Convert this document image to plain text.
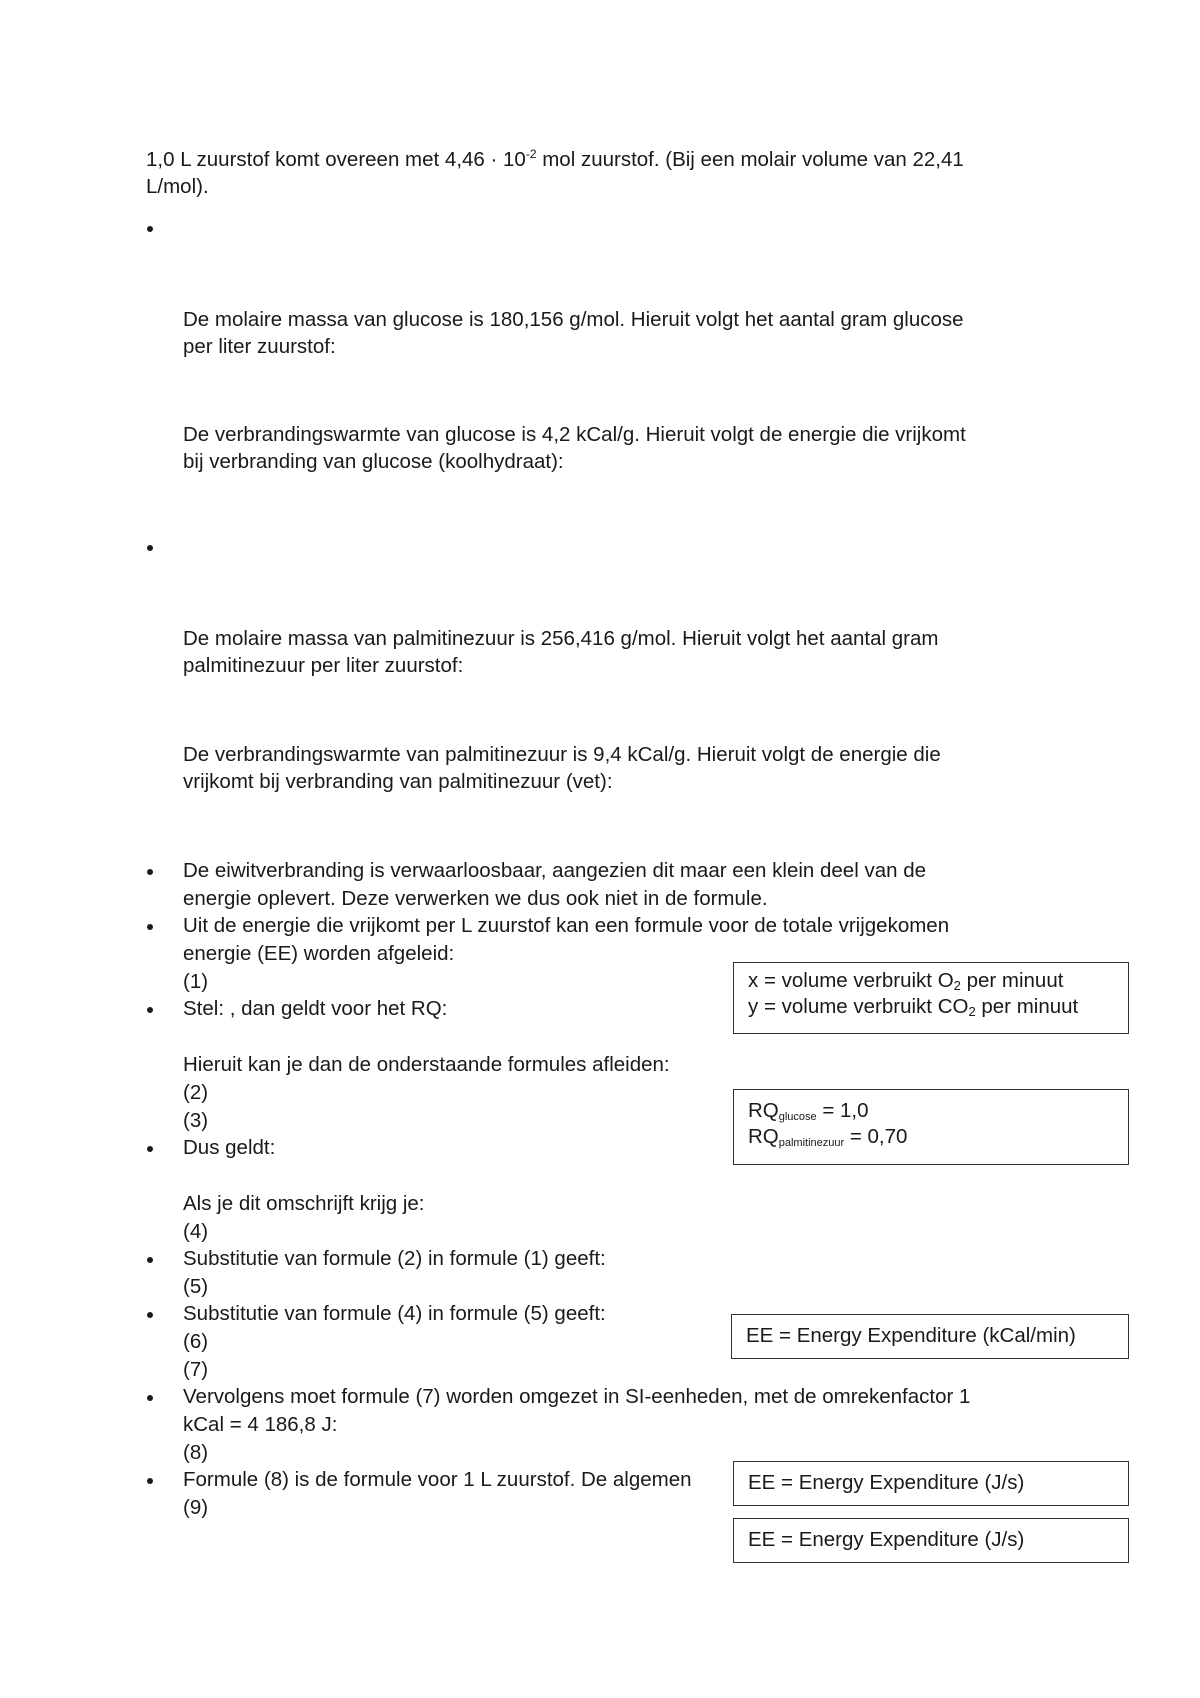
1,0 L zuurstof komt overeen met $4,46 \cdot 10^{-2}$ mol zuurstof. (Bij een molair volume van 22,41
L/mol).
De molaire massa van glucose is 180,156 g/mol. Hieruit volgt het aantal gram glucose
per liter zuurstof:
De verbrandingswarmte van glucose is 4,2 kCal/g. Hieruit volgt de energie die vrijkomt
bij verbranding van glucose (koolhydraat):
De molaire massa van palmitinezuur is 256,416 g/mol. Hieruit volgt het aantal gram
palmitinezuur per liter zuurstof:
De verbrandingswarmte van palmitinezuur is 9,4 kCal/g. Hieruit volgt de energie die
vrijkomt bij verbranding van palmitinezuur (vet):
De eiwitverbranding is verwaarloosbaar, aangezien dit maar een klein deel van de
energie oplevert. Deze verwerken we dus ook niet in de formule.
Uit de energie die vrijkomt per L zuurstof kan een formule voor de totale vrijgekomen
energie (EE) worden afgeleid:
(1)
Stel: , dan geldt voor het RQ:
Hieruit kan je dan de onderstaande formules afleiden:
(2)
(3)
Dus geldt:
Als je dit omschrijft krijg je:
(4)
Substitutie van formule (2) in formule (1) geeft:
(5)
Substitutie van formule (4) in formule (5) geeft:
(6)
(7)
Vervolgens moet formule (7) worden omgezet in SI-eenheden, met de omrekenfactor 1
kCal = 4 186,8 J:
(8)
Formule (8) is de formule voor 1 L zuurstof. De algemen
(9)
x = volume verbruikt $O_2$ per minuut
y = volume verbruikt $CO_2$ per minuut
RQglucose = 1,0
RQpalmitinezuur = 0,70
EE = Energy Expenditure (kCal/min)
EE = Energy Expenditure (J/s)
EE = Energy Expenditure (J/s)
